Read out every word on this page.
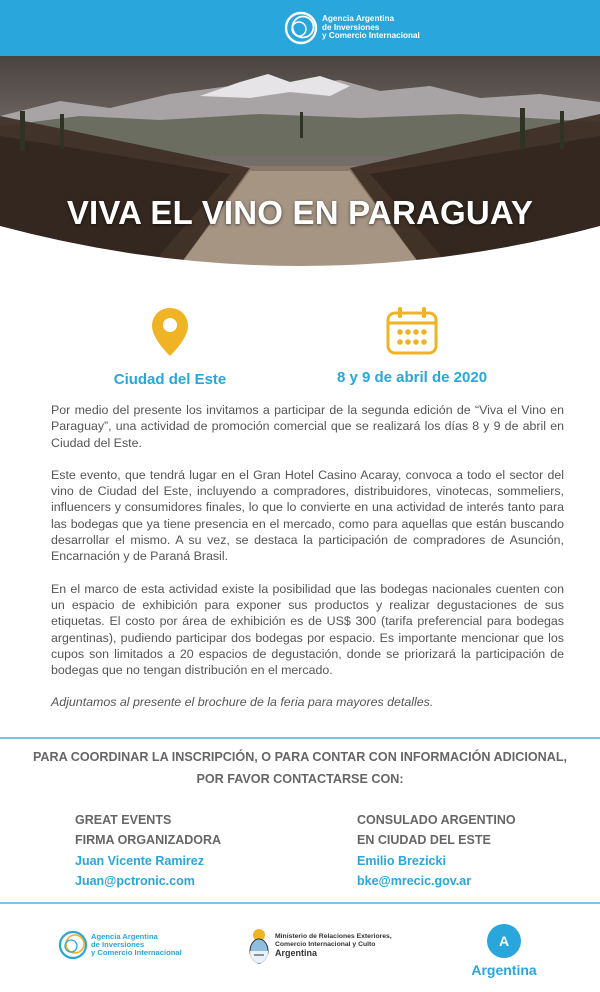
Agencia Argentina
de Inversiones
y Comercio Internacional
VIVA EL VINO EN PARAGUAY
Ciudad del Este	8 y 9 de abril de 2020

Por medio del presente los invitamos a participar de la segunda edición de “Viva el Vino en Paraguay”, una actividad de promoción comercial que se realizará los días 8 y 9 de abril en Ciudad del Este.

Este evento, que tendrá lugar en el Gran Hotel Casino Acaray, convoca a todo el sector del vino de Ciudad del Este, incluyendo a compradores, distribuidores, vinotecas, sommeliers, influencers y consumidores finales, lo que lo convierte en una actividad de interés tanto para las bodegas que ya tiene presencia en el mercado, como para aquellas que están buscando desarrollar el mismo. A su vez, se destaca la participación de compradores de Asunción, Encarnación y de Paraná Brasil.

En el marco de esta actividad existe la posibilidad que las bodegas nacionales cuenten con un espacio de exhibición para exponer sus productos y realizar degustaciones de sus etiquetas. El costo por área de exhibición es de US$ 300 (tarifa preferencial para bodegas argentinas), pudiendo participar dos bodegas por espacio. Es importante mencionar que los cupos son limitados a 20 espacios de degustación, donde se priorizará la participación de bodegas que no tengan distribución en el mercado.

Adjuntamos al presente el brochure de la feria para mayores detalles.

PARA COORDINAR LA INSCRIPCIÓN, O PARA CONTAR CON INFORMACIÓN ADICIONAL,
POR FAVOR CONTACTARSE CON:
GREAT EVENTS
FIRMA ORGANIZADORA
Juan Vicente Ramirez
Juan@pctronic.com
CONSULADO ARGENTINO
EN CIUDAD DEL ESTE
Emilio Brezicki
bke@mrecic.gov.ar
Agencia Argentina
de Inversiones
y Comercio Internacional
Ministerio de Relaciones Exteriores,
Comercio Internacional y Culto
Argentina
A
Argentina
